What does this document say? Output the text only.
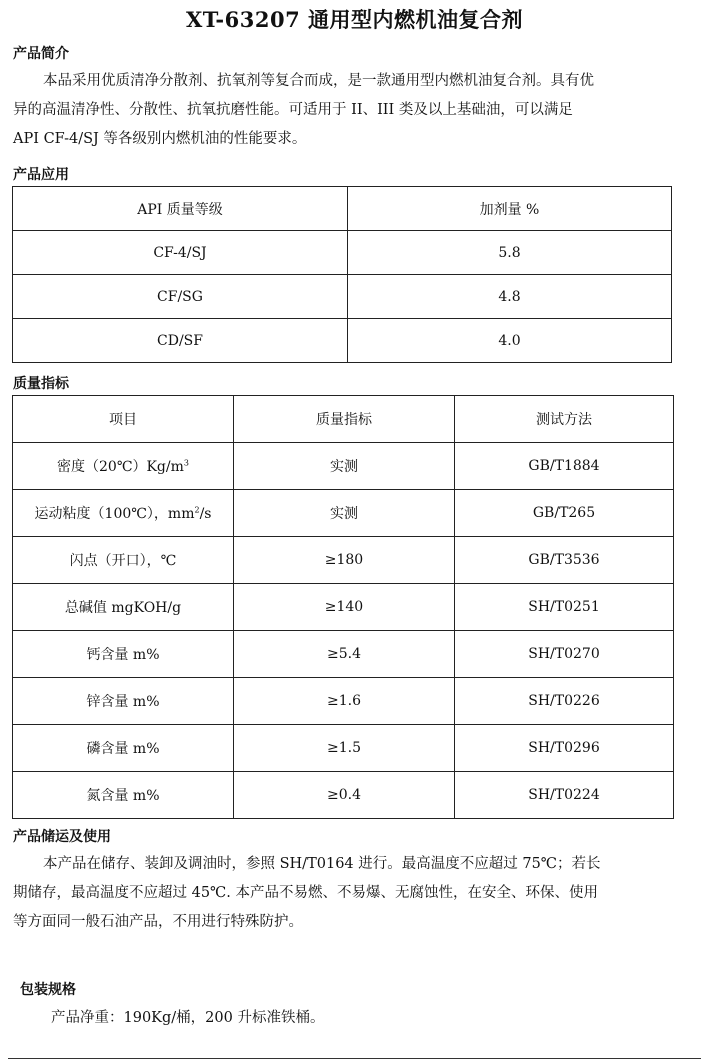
XT-63207 通用型内燃机油复合剂
产品简介
本品采用优质清净分散剂、抗氧剂等复合而成，是一款通用型内燃机油复合剂。具有优
异的高温清净性、分散性、抗氧抗磨性能。可适用于 II、III 类及以上基础油，可以满足
API CF-4/SJ 等各级别内燃机油的性能要求。
产品应用
API 质量等级	加剂量 %
CF-4/SJ	5.8
CF/SG	4.8
CD/SF	4.0
质量指标
项目	质量指标	测试方法
密度$(20℃)Kg/m^3$	实测	GB/T1884
运动粘度（100℃），$mm^2/s$	实测	GB/T265
闪点（开口），℃	≥180	GB/T3536
总碱值 mgKOH/g	≥140	SH/T0251
钙含量 m%	≥5.4	SH/T0270
锌含量 m%	≥1.6	SH/T0226
磷含量 m%	≥1.5	SH/T0296
氮含量 m%	≥0.4	SH/T0224
产品储运及使用
本产品在储存、装卸及调油时，参照 SH/T0164 进行。最高温度不应超过 75℃；若长
期储存，最高温度不应超过 45℃. 本产品不易燃、不易爆、无腐蚀性，在安全、环保、使用
等方面同一般石油产品，不用进行特殊防护。
包装规格
产品净重：190Kg/桶，200 升标准铁桶。
